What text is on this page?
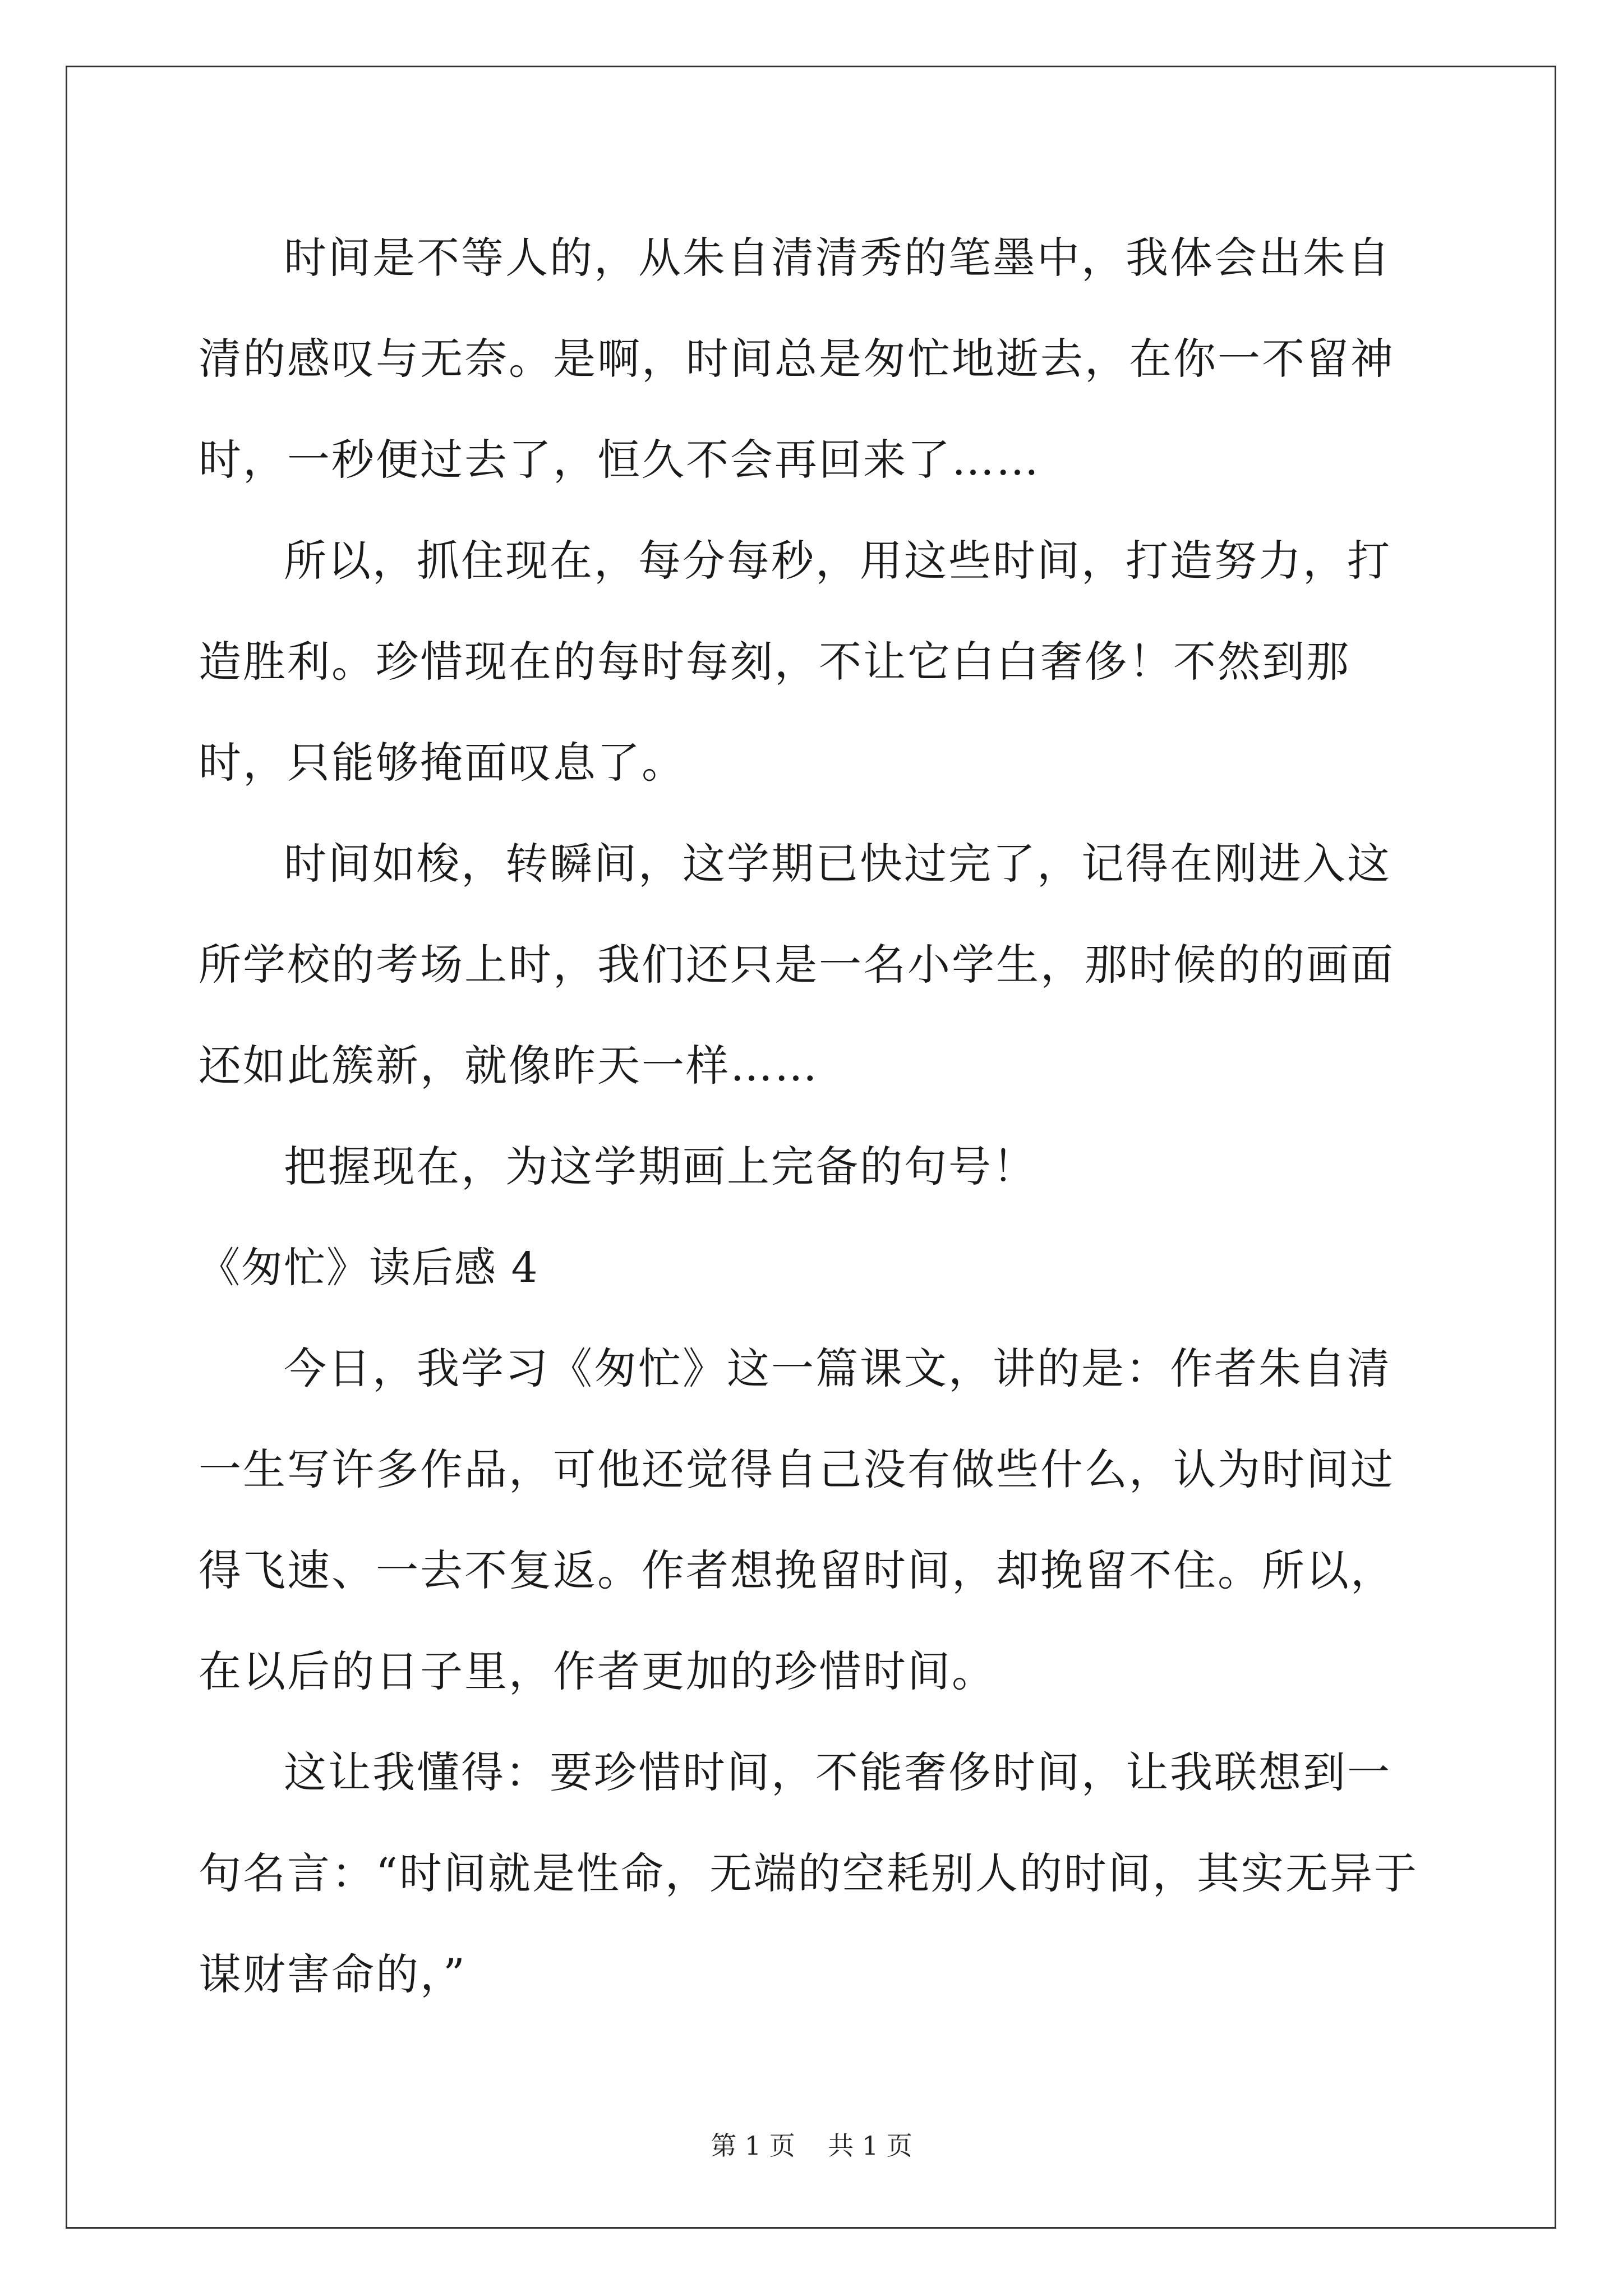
时间是不等人的，从朱自清清秀的笔墨中，我体会出朱自清的感叹与无奈。是啊，时间总是匆忙地逝去，在你一不留神时，一秒便过去了，恒久不会再回来了……

所以，抓住现在，每分每秒，用这些时间，打造努力，打造胜利。珍惜现在的每时每刻，不让它白白奢侈！不然到那时，只能够掩面叹息了。

时间如梭，转瞬间，这学期已快过完了，记得在刚进入这所学校的考场上时，我们还只是一名小学生，那时候的的画面还如此簇新，就像昨天一样……

把握现在，为这学期画上完备的句号！

《匆忙》读后感 4

今日，我学习《匆忙》这一篇课文，讲的是：作者朱自清一生写许多作品，可他还觉得自己没有做些什么，认为时间过得飞速、一去不复返。作者想挽留时间，却挽留不住。所以，在以后的日子里，作者更加的珍惜时间。

这让我懂得：要珍惜时间，不能奢侈时间，让我联想到一句名言：“时间就是性命，无端的空耗别人的时间，其实无异于谋财害命的，”

第 1 页 共 1 页
